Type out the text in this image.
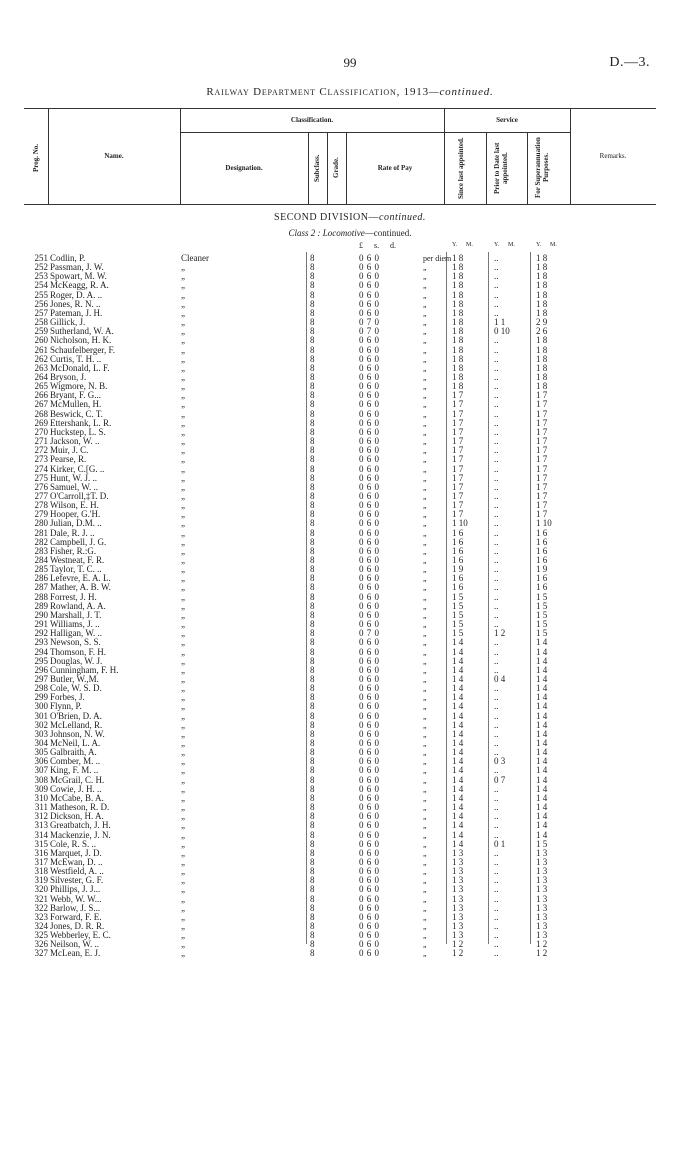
99	D.—3.
Railway Department Classification, 1913—continued.
Prog. No.	Name.
Classification.
Designation.	Subclass. Grade.	Rate of Pay
Service
Since last appointed.	Prior to Date last appointed.	For Superannuation Purposes.	Remarks.
SECOND DIVISION—continued.
Class 2 : Locomotive—continued.
£ s. d.	Y. M.	Y. M.	Y. M.
251 Codlin, P.	Cleaner	8	0 6 0	per diem 1 8	..	1 8
252 Passman, J. W.	„	8	0 6 0	„	1 8	..	1 8
253 Spowart, M. W.	„	8	0 6 0	„	1 8	..	1 8
254 McKeagg, R. A.	„	8	0 6 0	„	1 8	..	1 8
255 Roger, D. A. ..	„	8	0 6 0	„	1 8	..	1 8
256 Jones, R. N. ..	„	8	0 6 0	„	1 8	..	1 8
257 Pateman, J. H.	„	8	0 6 0	„	1 8	..	1 8
258 Gillick, J.	„	8	0 7 0	„	1 8	1 1	2 9
259 Sutherland, W. A.	„	8	0 7 0	„	1 8	0 10	2 6
260 Nicholson, H. K.	„	8	0 6 0	„	1 8	..	1 8
261 Schaufelberger, F.	„	8	0 6 0	„	1 8	..	1 8
262 Curtis, T. H. ..	„	8	0 6 0	„	1 8	..	1 8
263 McDonald, L. F.	„	8	0 6 0	„	1 8	..	1 8
264 Bryson, J.	„	8	0 6 0	„	1 8	..	1 8
265 Wigmore, N. B.	„	8	0 6 0	„	1 8	..	1 8
266 Bryant, F. G...	„	8	0 6 0	„	1 7	..	1 7
267 McMullen, H.	„	8	0 6 0	„	1 7	..	1 7
268 Beswick, C. T.	„	8	0 6 0	„	1 7	..	1 7
269 Ettershank, L. R.	„	8	0 6 0	„	1 7	..	1 7
270 Huckstep, L. S.	„	8	0 6 0	„	1 7	..	1 7
271 Jackson, W. ..	„	8	0 6 0	„	1 7	..	1 7
272 Muir, J. C.	„	8	0 6 0	„	1 7	..	1 7
273 Pearse, R.	„	8	0 6 0	„	1 7	..	1 7
274 Kirker, C.[G. ..	„	8	0 6 0	„	1 7	..	1 7
275 Hunt, W. J. ..	„	8	0 6 0	„	1 7	..	1 7
276 Samuel, W. ..	„	8	0 6 0	„	1 7	..	1 7
277 O'Carroll,‡T. D.	„	8	0 6 0	„	1 7	..	1 7
278 Wilson, E. H.	„	8	0 6 0	„	1 7	..	1 7
279 Hooper, G.'H.	„	8	0 6 0	„	1 7	..	1 7
280 Julian, D.M. ..	„	8	0 6 0	„	1 10	..	1 10
281 Dale, R. J. ..	„	8	0 6 0	„	1 6	..	1 6
282 Campbell, J. G.	„	8	0 6 0	„	1 6	..	1 6
283 Fisher, R.:G.	„	8	0 6 0	„	1 6	..	1 6
284 Westneat, F. R.	„	8	0 6 0	„	1 6	..	1 6
285 Taylor, T. C. ..	„	8	0 6 0	„	1 9	..	1 9
286 Lefevre, E. A. L.	„	8	0 6 0	„	1 6	..	1 6
287 Mather, A. B. W.	„	8	0 6 0	„	1 6	..	1 6
288 Forrest, J. H.	„	8	0 6 0	„	1 5	..	1 5
289 Rowland, A. A.	„	8	0 6 0	„	1 5	..	1 5
290 Marshall, J. T.	„	8	0 6 0	„	1 5	..	1 5
291 Williams, J. ..	„	8	0 6 0	„	1 5	..	1 5
292 Halligan, W. ..	„	8	0 7 0	„	1 5	1 2	1 5
293 Newson, S. S.	„	8	0 6 0	„	1 4	..	1 4
294 Thomson, F. H.	„	8	0 6 0	„	1 4	..	1 4
295 Douglas, W. J.	„	8	0 6 0	„	1 4	..	1 4
296 Cunningham, F. H.	„	8	0 6 0	„	1 4	..	1 4
297 Butler, W.,M.	„	8	0 6 0	„	1 4	0 4	1 4
298 Cole, W. S. D.	„	8	0 6 0	„	1 4	..	1 4
299 Forbes, J.	„	8	0 6 0	„	1 4	..	1 4
300 Flynn, P.	„	8	0 6 0	„	1 4	..	1 4
301 O'Brien, D. A.	„	8	0 6 0	„	1 4	..	1 4
302 McLelland, R.	„	8	0 6 0	„	1 4	..	1 4
303 Johnson, N. W.	„	8	0 6 0	„	1 4	..	1 4
304 McNeil, L. A.	„	8	0 6 0	„	1 4	..	1 4
305 Galbraith, A.	„	8	0 6 0	„	1 4	..	1 4
306 Comber, M. ..	„	8	0 6 0	„	1 4	0 3	1 4
307 King, F. M. ..	„	8	0 6 0	„	1 4	..	1 4
308 McGrail, C. H.	„	8	0 6 0	„	1 4	0 7	1 4
309 Cowie, J. H. ..	„	8	0 6 0	„	1 4	..	1 4
310 McCabe, B. A.	„	8	0 6 0	„	1 4	..	1 4
311 Matheson, R. D.	„	8	0 6 0	„	1 4	..	1 4
312 Dickson, H. A.	„	8	0 6 0	„	1 4	..	1 4
313 Greatbatch, J. H.	„	8	0 6 0	„	1 4	..	1 4
314 Mackenzie, J. N.	„	8	0 6 0	„	1 4	..	1 4
315 Cole, R. S. ..	„	8	0 6 0	„	1 4	0 1	1 5
316 Marquet, J. D.	„	8	0 6 0	„	1 3	..	1 3
317 McEwan, D. ..	„	8	0 6 0	„	1 3	..	1 3
318 Westfield, A. ..	„	8	0 6 0	„	1 3	..	1 3
319 Silvester, G. F.	„	8	0 6 0	„	1 3	..	1 3
320 Phillips, J. J...	„	8	0 6 0	„	1 3	..	1 3
321 Webb, W. W...	„	8	0 6 0	„	1 3	..	1 3
322 Barlow, J. S...	„	8	0 6 0	„	1 3	..	1 3
323 Forward, F. E.	„	8	0 6 0	„	1 3	..	1 3
324 Jones, D. R. R.	„	8	0 6 0	„	1 3	..	1 3
325 Webberley, E. C.	„	8	0 6 0	„	1 3	..	1 3
326 Neilson, W. ..	„	8	0 6 0	„	1 2	..	1 2
327 McLean, E. J.	„	8	0 6 0	„	1 2	..	1 2
